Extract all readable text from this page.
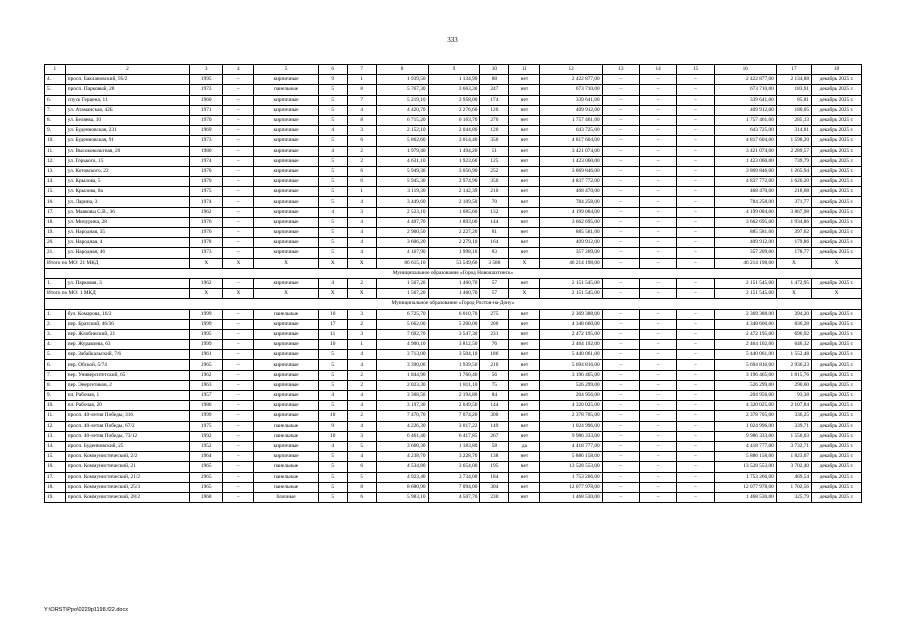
333
1	2	3	4	5	6	7	8	9	10	11	12	13	14	15	16	17	18
4.	просп. Баклановский, 95/2	1995	–	кирпичные	9	1	1 939,50	1 134,90	88	нет	2 422 877,00	–	–	–	2 422 877,00	2 134,88	декабрь 2025 г.
5.	просп. Парковый, 28	1973	–	панельные	5	8	5 767,30	3 663,30	247	нет	673 710,00	–	–	–	673 710,00	183,91	декабрь 2025 г.
6.	спуск Герцена, 11	1960	–	кирпичные	5	7	5 219,10	3 958,00	174	нет	339 641,00	–	–	–	339 641,00	85,81	декабрь 2025 г.
7.	ул. Атаманская, 42Б	1971	–	кирпичные	5	4	4 420,70	2 276,60	120	нет	409 912,00	–	–	–	409 912,00	180,05	декабрь 2025 г.
8.	ул. Беляева, 10	1970	–	кирпичные	5	8	6 715,20	6 163,70	270	нет	1 757 461,00	–	–	–	1 757 461,00	285,13	декабрь 2025 г.
9.	ул. Буденновская, 231	1969	–	кирпичные	4	3	2 152,10	2 044,80	120	нет	643 725,00	–	–	–	643 725,00	314,81	декабрь 2025 г.
10.	ул. Буденновская, 91	1973	–	кирпичные	5	6	5 862,60	3 014,40	350	нет	4 817 604,00	–	–	–	4 817 604,00	1 598,20	декабрь 2025 г.
11.	ул. Высоковольтная, 20	1980	–	кирпичные	4	2	1 979,40	1 494,20	51	нет	3 421 074,00	–	–	–	3 421 074,00	2 289,57	декабрь 2025 г.
12.	ул. Горького, 15	1974	–	кирпичные	5	2	4 631,10	1 923,60	125	нет	1 423 060,00	–	–	–	1 423 060,00	739,79	декабрь 2025 г.
13.	ул. Котовского, 22	1970	–	кирпичные	5	6	5 949,30	3 056,90	252	нет	3 869 846,00	–	–	–	3 869 846,00	1 265,94	декабрь 2025 г.
14.	ул. Крылова, 5	1970	–	кирпичные	5	6	5 945,30	2 974,90	350	нет	4 837 772,00	–	–	–	4 837 772,00	1 626,20	декабрь 2025 г.
15.	ул. Крылова, 8а	1975	–	кирпичные	5	1	3 119,30	2 142,39	210	нет	468 470,00	–	–	–	468 470,00	218,68	декабрь 2025 г.
16.	ул. Ларина, 3	1974	–	кирпичные	5	4	3 449,60	2 109,50	70	нет	784 258,00	–	–	–	784 258,00	371,77	декабрь 2025 г.
17.	ул. Маяковы С.В., 36	1962	–	кирпичные	4	3	2 523,10	1 085,60	132	нет	4 199 084,00	–	–	–	4 199 084,00	3 867,98	декабрь 2025 г.
18.	ул. Мичурина, 28	1976	–	кирпичные	5	4	4 407,70	1 893,00	144	нет	3 662 695,00	–	–	–	3 662 695,00	1 934,86	декабрь 2025 г.
19.	ул. Народная, 35	1976	–	кирпичные	5	4	2 900,50	2 227,20	81	нет	885 581,00	–	–	–	885 581,00	397,62	декабрь 2025 г.
20.	ул. Народная, 4	1978	–	кирпичные	5	4	3 606,20	2 279,10	164	нет	409 912,00	–	–	–	409 912,00	179,86	декабрь 2025 г.
21.	ул. Народная, 46	1973	–	кирпичные	5	4	4 167,90	1 998,10	83	нет	357 209,00	–	–	–	357 209,00	178,77	декабрь 2025 г.
Итого по МО: 21 МКД		X	X	X	X	X	86 615,10	53 549,60	3 588	X	46 214 198,00	–	–	–	46 214 198,00	X	X
Муниципальное образование «Город Новошахтинск»																	
1.	ул. Парковая, 3	1962	–	кирпичные	4	2	1 567,20	1 460,70	57	нет	2 151 545,00	–	–	–	2 151 545,00	1 472,95	декабрь 2025 г.
Итого по МО: 1 МКД		X	X	X	X	X	1 567,20	1 460,70	57	X	2 151 545,00	–	–	–	2 151 545,00	X	X
Муниципальное образование «Город Ростов-на-Дону»																	
1.	бул. Комарова, 16/2	1999	–	панельные	10	3	6 725,70	6 010,70	275	нет	2 369 388,00	–	–	–	2 369 388,00	394,20	декабрь 2025 г.
2.	пер. Братский, 46/36	1999	–	кирпичные	17	2	5 662,00	5 200,00	200	нет	4 348 660,00	–	–	–	4 348 660,00	836,28	декабрь 2025 г.
3.	пер. Жлобинский, 21	1995	–	кирпичные	11	3	7 692,70	3 547,30	231	нет	2 472 195,00	–	–	–	2 472 195,00	696,92	декабрь 2025 г.
4.	пер. Журавлева, 63	1999	–	кирпичные	10	1	4 900,10	3 812,50	76	нет	2 464 102,00	–	–	–	2 464 102,00	646,32	декабрь 2025 г.
5.	пер. Забайкальский, 7/6	1961	–	кирпичные	5	4	3 713,00	3 504,10	186	нет	5 440 061,00	–	–	–	5 440 061,00	1 552,48	декабрь 2025 г.
6.	пер. Обской, 5/74	1965	–	кирпичные	5	4	3 390,00	1 939,50	210	нет	5 694 816,00	–	–	–	5 694 816,00	2 936,23	декабрь 2025 г.
7.	пер. Университетский, 65	1962	–	кирпичные	5	2	1 844,90	1 760,40	56	нет	3 196 465,00	–	–	–	3 196 465,00	1 815,76	декабрь 2025 г.
8.	пер. Энергетиков, 2	1963	–	кирпичные	5	2	2 023,30	1 811,10	75	нет	526 299,00	–	–	–	526 299,00	290,60	декабрь 2025 г.
9.	пл. Рабочая, 1	1957	–	кирпичные	4	4	3 308,50	2 194,80	84	нет	204 956,00	–	–	–	204 956,00	93,38	декабрь 2025 г.
10.	пл. Рабочая, 20	1986	–	кирпичные	5	4	3 197,30	2 049,50	144	нет	4 320 025,00	–	–	–	4 320 025,00	2 107,84	декабрь 2025 г.
11.	просп. 40-летия Победы, 316	1999	–	кирпичные	10	2	7 470,70	7 074,20	300	нет	2 378 705,00	–	–	–	2 378 705,00	336,25	декабрь 2025 г.
12.	просп. 40-летия Победы, 67/2	1975	–	панельные	9	4	4 226,30	3 017,22	149	нет	1 024 996,00	–	–	–	1 024 996,00	339,71	декабрь 2025 г.
13.	просп. 40-летия Победы, 73/12	1992	–	панельные	10	3	6 461,40	6 417,85	267	нет	9 986 333,00	–	–	–	9 986 333,00	1 556,03	декабрь 2025 г.
14.	просп. Буденновский, 25	1952	–	кирпичные	4	5	3 660,30	1 183,80	58	да	4 418 777,00	–	–	–	4 418 777,00	3 732,71	декабрь 2025 г.
15.	просп. Коммунистический, 2/2	1964	–	кирпичные	5	4	4 238,70	3 228,70	138	нет	5 886 158,00	–	–	–	5 886 158,00	1 823,07	декабрь 2025 г.
16.	просп. Коммунистический, 21	1965	–	панельные	5	6	4 534,80	3 654,00	195	нет	13 528 553,00	–	–	–	13 528 553,00	3 702,40	декабрь 2025 г.
17.	просп. Коммунистический, 21/2	1965	–	панельные	5	5	4 923,40	3 734,00	184	нет	1 753 266,00	–	–	–	1 753 266,00	469,54	декабрь 2025 г.
18.	просп. Коммунистический, 25/3	1965	–	панельные	5	8	8 680,90	7 094,00	304	нет	12 077 978,00	–	–	–	12 077 978,00	1 702,56	декабрь 2025 г.
19.	просп. Коммунистический, 28/2	1968	–	блочные	5	6	5 983,10	4 507,70	230	нет	1 468 530,00	–	–	–	1 468 530,00	325,79	декабрь 2025 г.
Y:\ORST\Ppo\0229p1198.f22.docx
